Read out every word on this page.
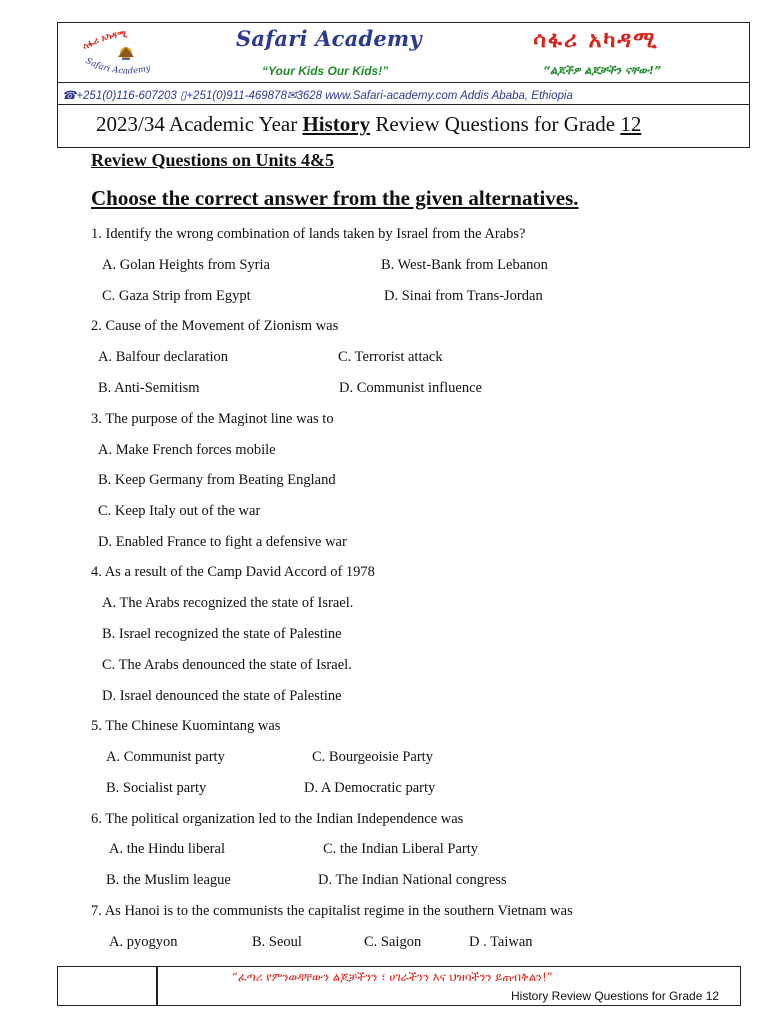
ሳፋሪ አካዳሚ
Safari Academy
Safari Academy	ሳፋሪ አካዳሚ
“Your Kids Our Kids!”	“ልጆችዎ ልጆቻችን ናቸው!”
☎+251(0)116-607203 ▯+251(0)911-469878✉3628 www.Safari-academy.com Addis Ababa, Ethiopia
2023/34 Academic Year History Review Questions for Grade 12
Review Questions on Units 4&5
Choose the correct answer from the given alternatives.
1. Identify the wrong combination of lands taken by Israel from the Arabs?
A. Golan Heights from Syria	B. West-Bank from Lebanon
C. Gaza Strip from Egypt	D. Sinai from Trans-Jordan
2. Cause of the Movement of Zionism was
A. Balfour declaration	C. Terrorist attack
B. Anti-Semitism	D. Communist influence
3. The purpose of the Maginot line was to
A. Make French forces mobile
B. Keep Germany from Beating England
C. Keep Italy out of the war
D. Enabled France to fight a defensive war
4. As a result of the Camp David Accord of 1978
A. The Arabs recognized the state of Israel.
B. Israel recognized the state of Palestine
C. The Arabs denounced the state of Israel.
D. Israel denounced the state of Palestine
5. The Chinese Kuomintang was
A. Communist party	C. Bourgeoisie Party
B. Socialist party	D. A Democratic party
6. The political organization led to the Indian Independence was
A. the Hindu liberal	C. the Indian Liberal Party
B. the Muslim league	D. The Indian National congress
7. As Hanoi is to the communists the capitalist regime in the southern Vietnam was
A. pyogyon	B. Seoul	C. Saigon	D . Taiwan
“ፈጣሪ የምንወዳቸውን ልጆቻችንን ፣ ሀገራችንን እና ህዝባችንን ይጠብቅልን!”
History Review Questions for Grade 12
